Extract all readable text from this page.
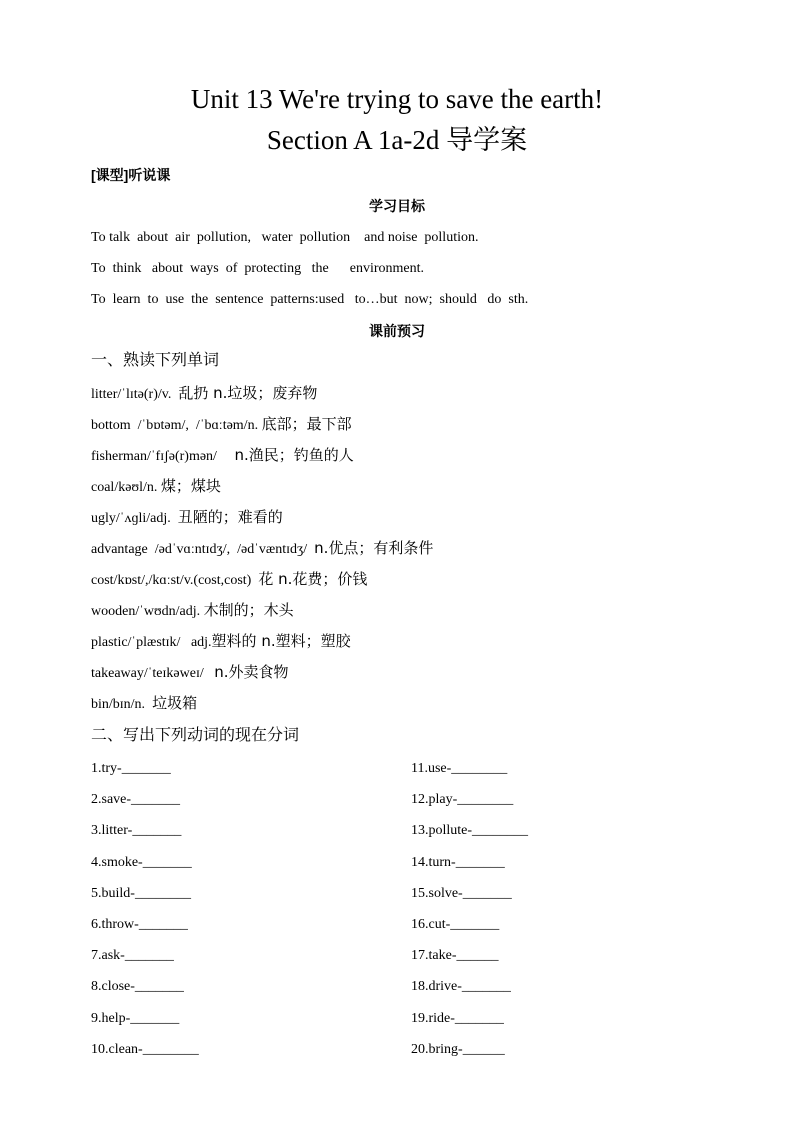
Unit 13 We're trying to save the earth!
Section A 1a-2d 导学案
[课型]听说课
学习目标
To talk  about  air  pollution,   water  pollution    and noise  pollution.
To  think   about  ways  of  protecting   the      environment.
To  learn  to  use  the  sentence  patterns:used   to…but  now;  should   do  sth.
课前预习
一、熟读下列单词
litter/ˈlɪtə(r)/v.  乱扔 n.垃圾；废弃物
bottom  /ˈbɒtəm/,  /ˈbɑːtəm/n. 底部；最下部
fisherman/ˈfɪʃə(r)mən/     n.渔民；钓鱼的人
coal/kəʊl/n. 煤；煤块
ugly/ˈʌɡli/adj.  丑陋的；难看的
advantage  /ədˈvɑːntɪdʒ/,  /ədˈvæntɪdʒ/  n.优点；有利条件
cost/kɒst/,/kɑːst/v.(cost,cost)  花 n.花费；价钱
wooden/ˈwʊdn/adj. 木制的；木头
plastic/ˈplæstɪk/   adj.塑料的 n.塑料；塑胶
takeaway/ˈteɪkəweɪ/   n.外卖食物
bin/bɪn/n.  垃圾箱
二、写出下列动词的现在分词
1.try-_______
2.save-_______
3.litter-_______
4.smoke-_______
5.build-________
6.throw-_______
7.ask-_______
8.close-_______
9.help-_______
10.clean-________
11.use-________
12.play-________
13.pollute-________
14.turn-_______
15.solve-_______
16.cut-_______
17.take-______
18.drive-_______
19.ride-_______
20.bring-______
